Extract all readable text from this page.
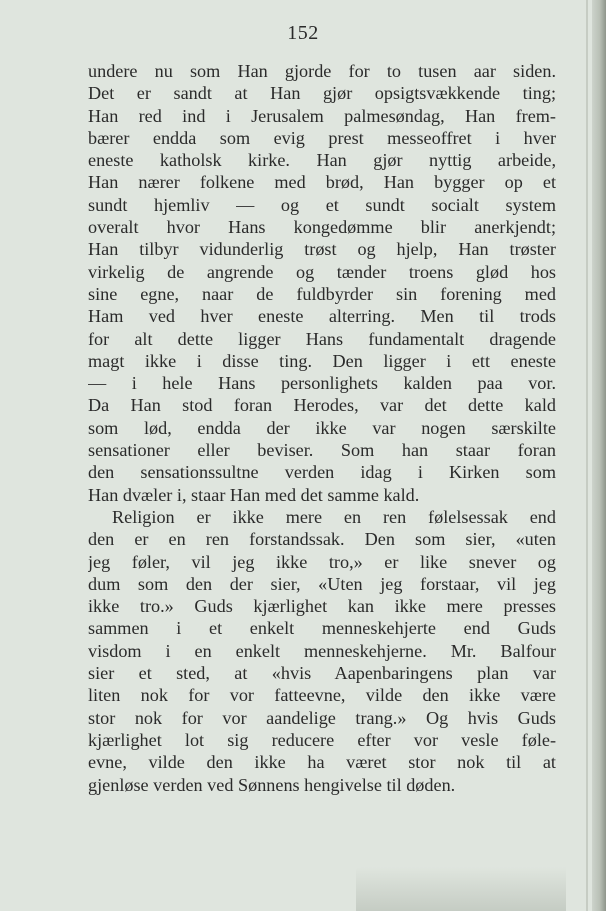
152
undere nu som Han gjorde for to tusen aar siden.
Det er sandt at Han gjør opsigtsvækkende ting;
Han red ind i Jerusalem palmesøndag, Han frem-
bærer endda som evig prest messeoffret i hver
eneste katholsk kirke. Han gjør nyttig arbeide,
Han nærer folkene med brød, Han bygger op et
sundt hjemliv — og et sundt socialt system
overalt hvor Hans kongedømme blir anerkjendt;
Han tilbyr vidunderlig trøst og hjelp, Han trøster
virkelig de angrende og tænder troens glød hos
sine egne, naar de fuldbyrder sin forening med
Ham ved hver eneste alterring. Men til trods
for alt dette ligger Hans fundamentalt dragende
magt ikke i disse ting. Den ligger i ett eneste
— i hele Hans personlighets kalden paa vor.
Da Han stod foran Herodes, var det dette kald
som lød, endda der ikke var nogen særskilte
sensationer eller beviser. Som han staar foran
den sensationssultne verden idag i Kirken som
Han dvæler i, staar Han med det samme kald.
Religion er ikke mere en ren følelsessak end
den er en ren forstandssak. Den som sier, «uten
jeg føler, vil jeg ikke tro,» er like snever og
dum som den der sier, «Uten jeg forstaar, vil jeg
ikke tro.» Guds kjærlighet kan ikke mere presses
sammen i et enkelt menneskehjerte end Guds
visdom i en enkelt menneskehjerne. Mr. Balfour
sier et sted, at «hvis Aapenbaringens plan var
liten nok for vor fatteevne, vilde den ikke være
stor nok for vor aandelige trang.» Og hvis Guds
kjærlighet lot sig reducere efter vor vesle føle-
evne, vilde den ikke ha været stor nok til at
gjenløse verden ved Sønnens hengivelse til døden.
